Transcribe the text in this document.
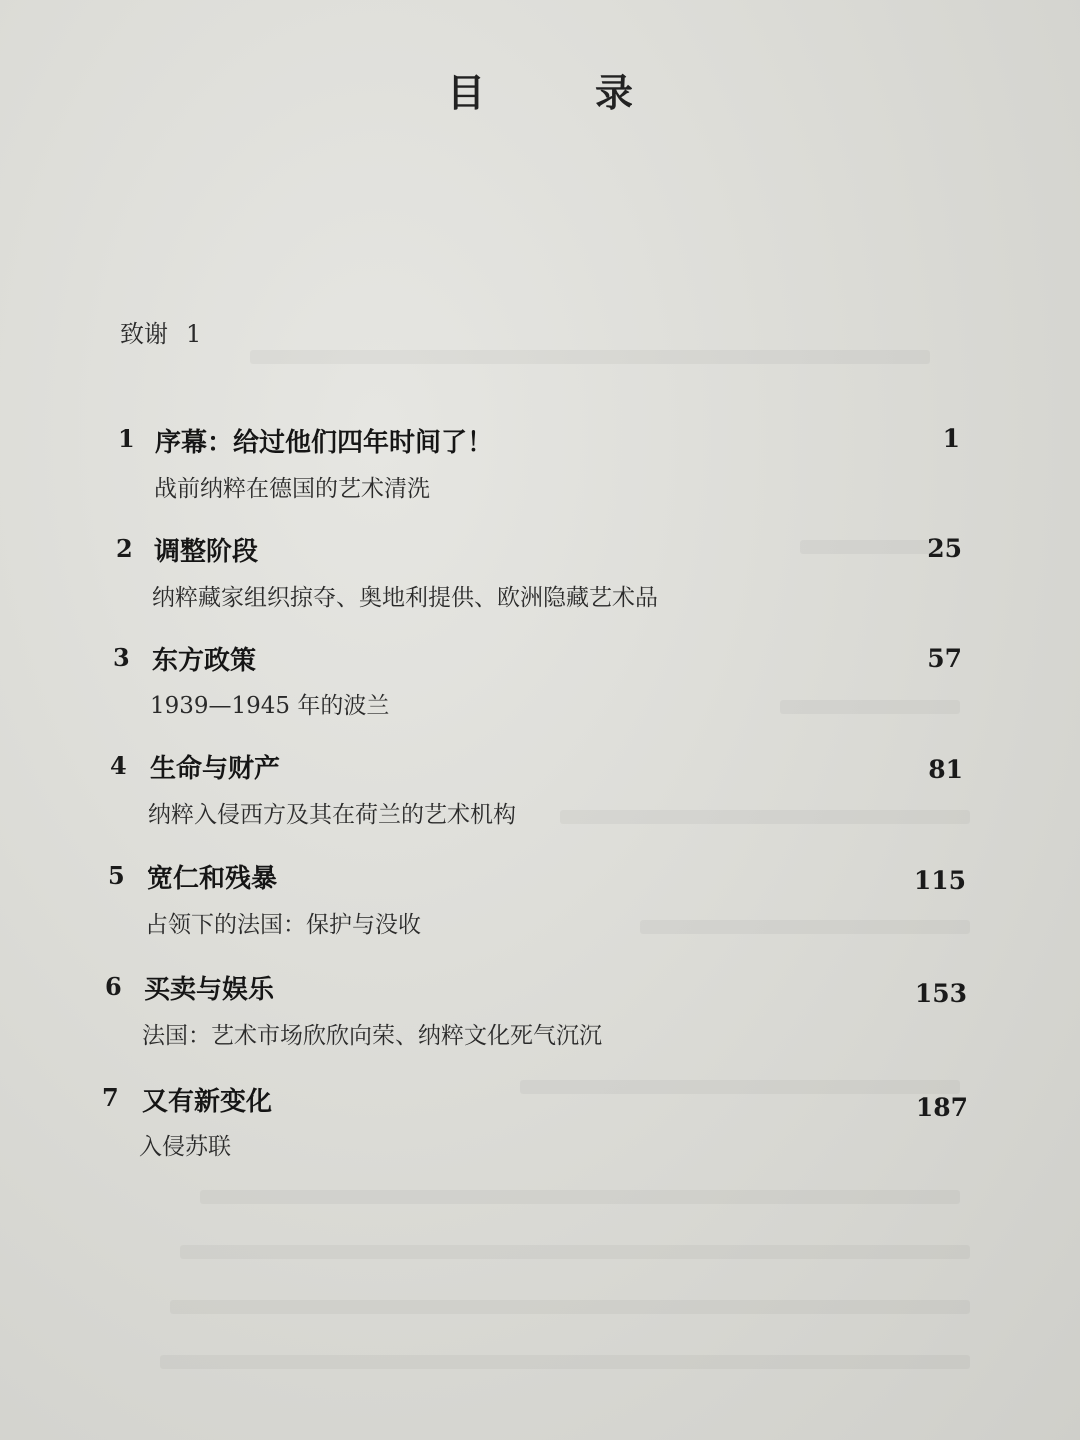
目　录
致谢 1
1 序幕：给过他们四年时间了！	1
战前纳粹在德国的艺术清洗
2 调整阶段	25
纳粹藏家组织掠夺、奥地利提供、欧洲隐藏艺术品
3 东方政策	57
1939—1945 年的波兰
4 生命与财产	81
纳粹入侵西方及其在荷兰的艺术机构
5 宽仁和残暴	115
占领下的法国：保护与没收
6 买卖与娱乐	153
法国：艺术市场欣欣向荣、纳粹文化死气沉沉
7 又有新变化	187
入侵苏联
